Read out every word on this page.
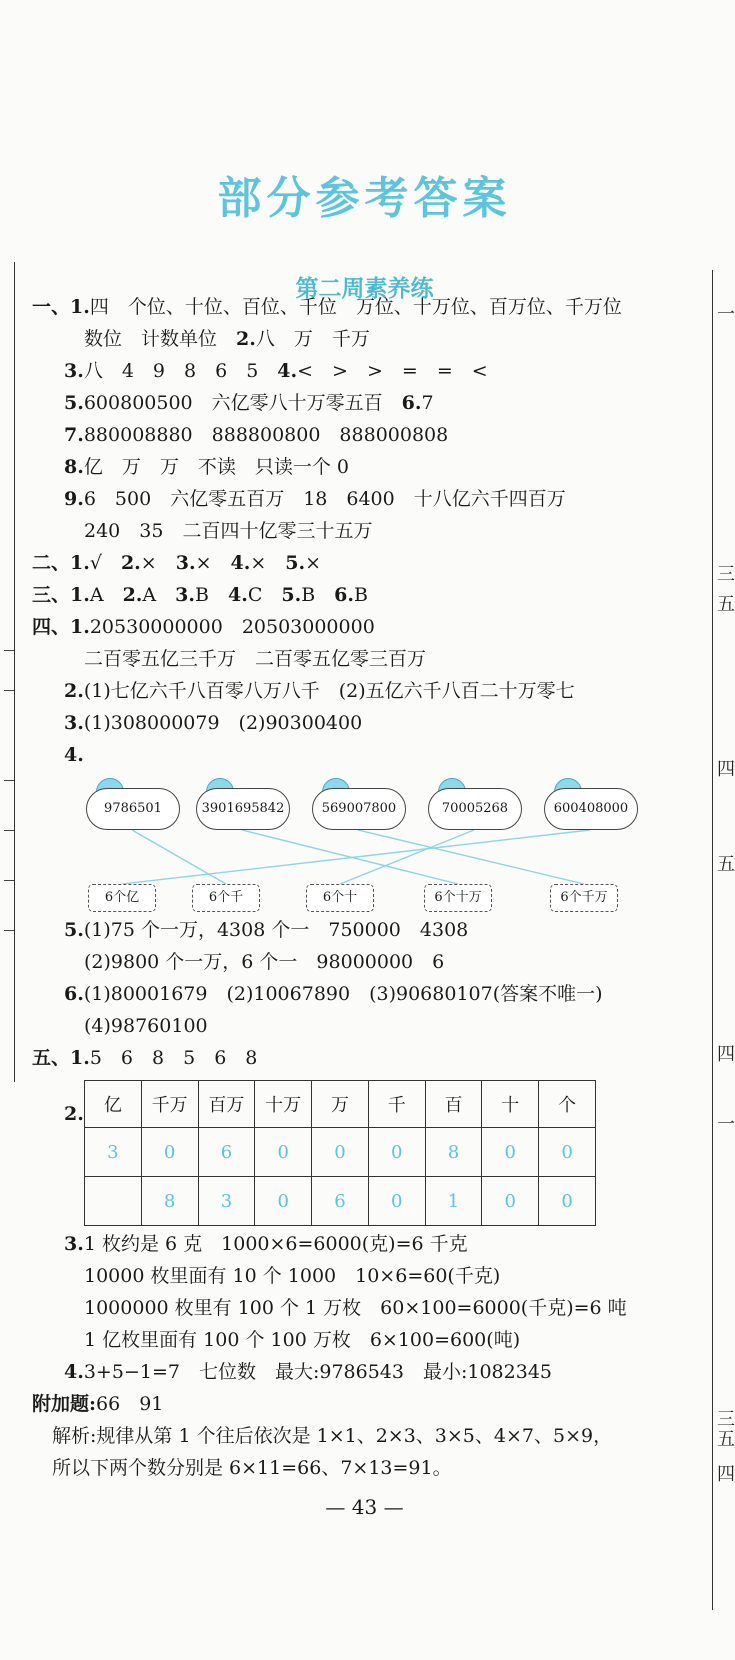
部分参考答案
一
三
五
四
五
四
一
三
五
四
第二周素养练
一、1.四　个位、十位、百位、千位　万位、十万位、百万位、千万位
数位　计数单位　2.八　万　千万
3.八　4　9　8　6　5　4.<　>　>　=　=　<
5.600800500　六亿零八十万零五百　6.7
7.880008880　888800800　888000808
8.亿　万　万　不读　只读一个 0
9.6　500　六亿零五百万　18　6400　十八亿六千四百万
240　35　二百四十亿零三十五万
二、1.√　2.×　3.×　4.×　5.×
三、1.A　2.A　3.B　4.C　5.B　6.B
四、1.20530000000　20503000000
二百零五亿三千万　二百零五亿零三百万
2.(1)七亿六千八百零八万八千　(2)五亿六千八百二十万零七
3.(1)308000079　(2)90300400
4.
5.(1)75 个一万，4308 个一　750000　4308
(2)9800 个一万，6 个一　98000000　6
6.(1)80001679　(2)10067890　(3)90680107(答案不唯一)
(4)98760100
五、1.5　6　8　5　6　8
2.
3.1 枚约是 6 克　1000×6=6000(克)=6 千克
10000 枚里面有 10 个 1000　10×6=60(千克)
1000000 枚里有 100 个 1 万枚　60×100=6000(千克)=6 吨
1 亿枚里面有 100 个 100 万枚　6×100=600(吨)
4.3+5−1=7　七位数　最大:9786543　最小:1082345
附加题:66　91
解析:规律从第 1 个往后依次是 1×1、2×3、3×5、4×7、5×9，
所以下两个数分别是 6×11=66、7×13=91。
9786501	3901695842	569007800	70005268	600408000
6个亿	6个千	6个十	6个十万	6个千万
亿	千万	百万	十万	万	千	百	十	个
3	0	6	0	0	0	8	0	0
	8	3	0	6	0	1	0	0
— 43 —
